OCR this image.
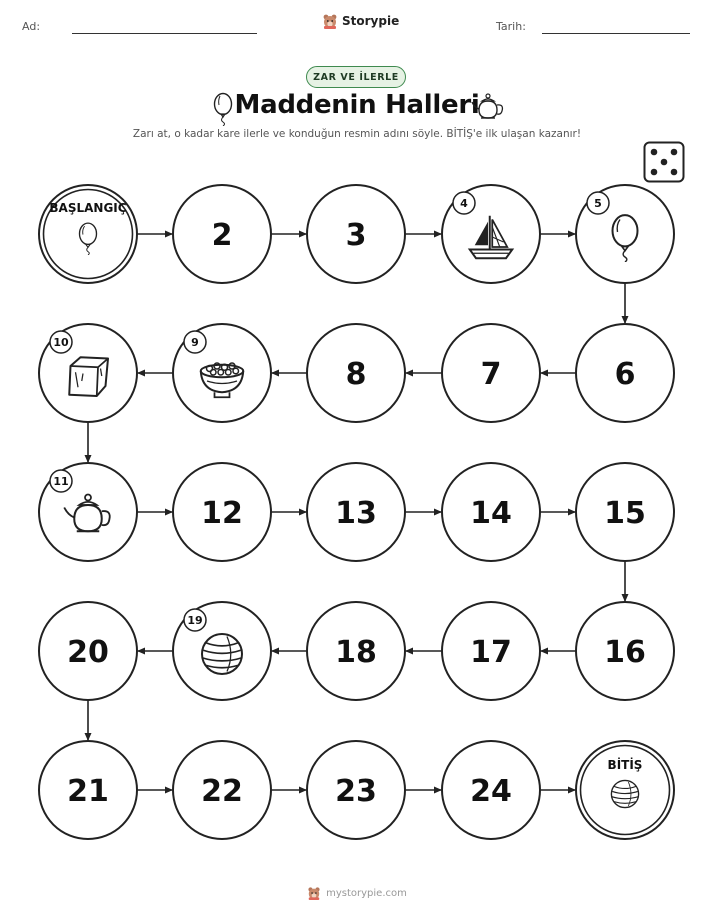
Ad:	Storypie	Tarih:
ZAR VE İLERLE
Maddenin Halleri
Zarı at, o kadar kare ilerle ve konduğun resmin adını söyle. BİTİŞ'e ilk ulaşan kazanır!
BAŞLANGIÇ
2	3
4	5
6
7
8
9
10
11
12	13	14	15
16
17
18
19
20
21	22	23	24
BİTİŞ
mystorypie.com
